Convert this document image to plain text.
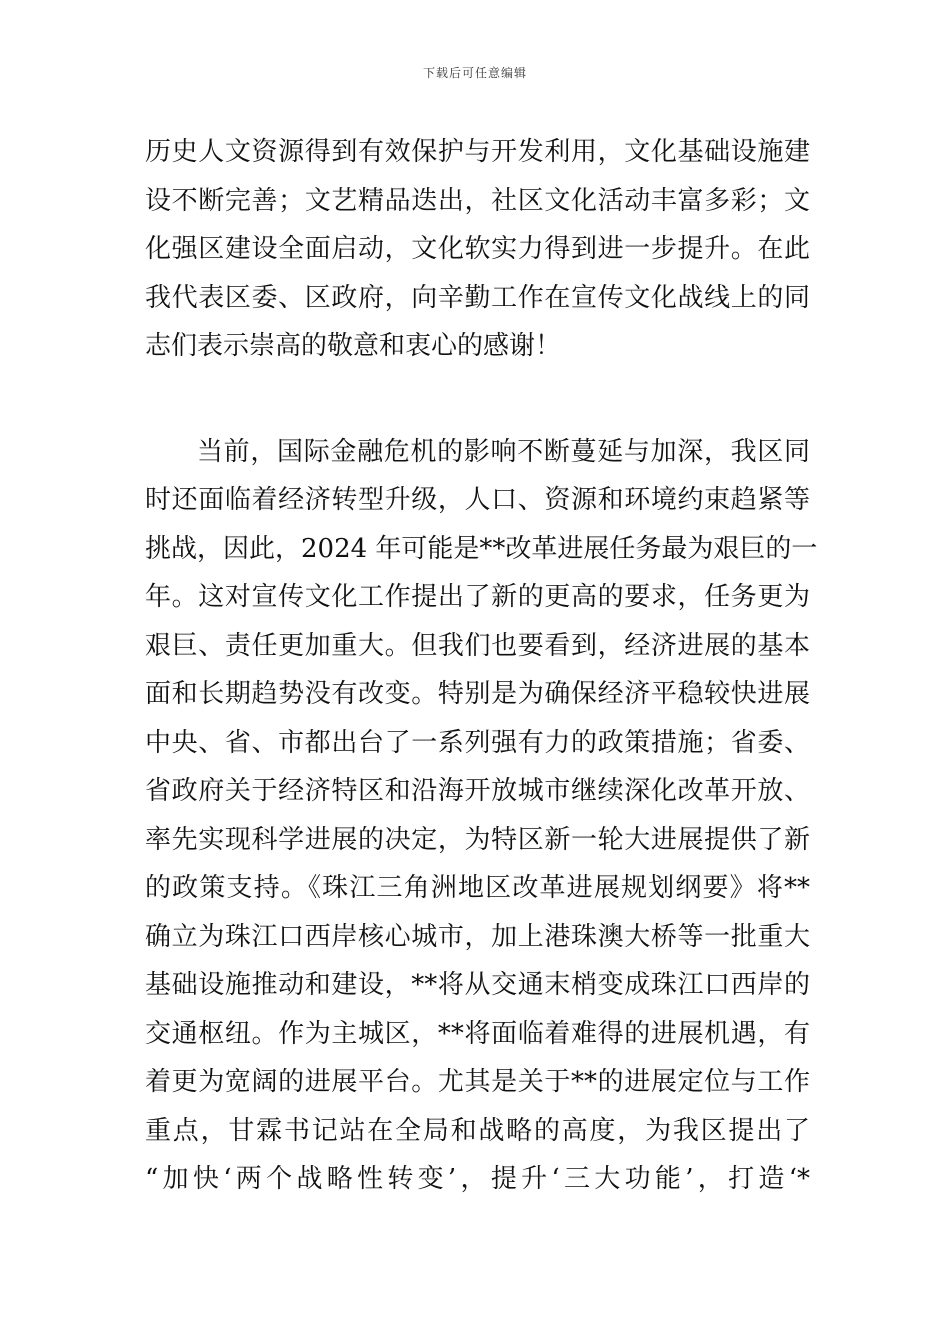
下载后可任意编辑
历史人文资源得到有效保护与开发利用，文化基础设施建
设不断完善；文艺精品迭出，社区文化活动丰富多彩；文
化强区建设全面启动，文化软实力得到进一步提升。在此
我代表区委、区政府，向辛勤工作在宣传文化战线上的同
志们表示崇高的敬意和衷心的感谢！
当前，国际金融危机的影响不断蔓延与加深，我区同
时还面临着经济转型升级，人口、资源和环境约束趋紧等
挑战，因此，2024 年可能是**改革进展任务最为艰巨的一
年。这对宣传文化工作提出了新的更高的要求，任务更为
艰巨、责任更加重大。但我们也要看到，经济进展的基本
面和长期趋势没有改变。特别是为确保经济平稳较快进展
中央、省、市都出台了一系列强有力的政策措施；省委、
省政府关于经济特区和沿海开放城市继续深化改革开放、
率先实现科学进展的决定，为特区新一轮大进展提供了新
的政策支持。《珠江三角洲地区改革进展规划纲要》将**
确立为珠江口西岸核心城市，加上港珠澳大桥等一批重大
基础设施推动和建设，**将从交通末梢变成珠江口西岸的
交通枢纽。作为主城区，**将面临着难得的进展机遇，有
着更为宽阔的进展平台。尤其是关于**的进展定位与工作
重点，甘霖书记站在全局和战略的高度，为我区提出了
“加快‘两个战略性转变’，提升‘三大功能’，打造‘*
